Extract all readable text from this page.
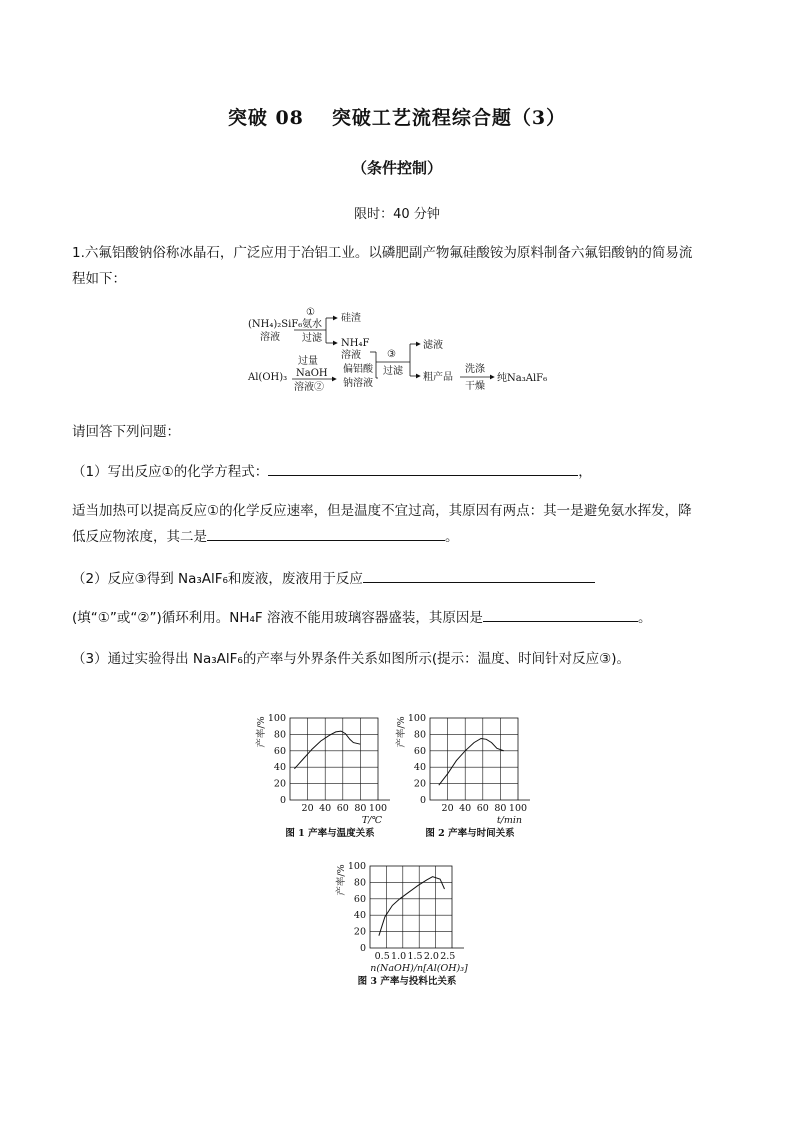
突破 08 突破工艺流程综合题（3）
（条件控制）
限时：40 分钟
1.六氟铝酸钠俗称冰晶石，广泛应用于冶铝工业。以磷肥副产物氟硅酸铵为原料制备六氟铝酸钠的简易流
程如下：
(NH₄)₂SiF₆
溶液
①
氨水
过滤
硅渣
NH₄F
溶液
Al(OH)₃
过量
NaOH
溶液②
偏铝酸
钠溶液
③
过滤
滤液
粗产品
洗涤
干燥
纯Na₃AlF₆
请回答下列问题：
（1）写出反应①的化学方程式：	，
适当加热可以提高反应①的化学反应速率，但是温度不宜过高，其原因有两点：其一是避免氨水挥发，降
低反应物浓度，其二是	。
（2）反应③得到 Na₃AlF₆和废液，废液用于反应
(填“①”或“②”)循环利用。NH₄F 溶液不能用玻璃容器盛装，其原因是	。
（3）通过实验得出 Na₃AlF₆的产率与外界条件关系如图所示(提示：温度、时间针对反应③)。
0
20
40
60
80
100
20 40 60 80 100
产率/%
T/℃
图 1 产率与温度关系
0
20
40
60
80
100
20 40 60 80 100
产率/%
t/min
图 2 产率与时间关系
0
20
40
60
80
100
0.5 1.0 1.5 2.0 2.5
产率/%
n(NaOH)/n[Al(OH)₃]
图 3 产率与投料比关系
